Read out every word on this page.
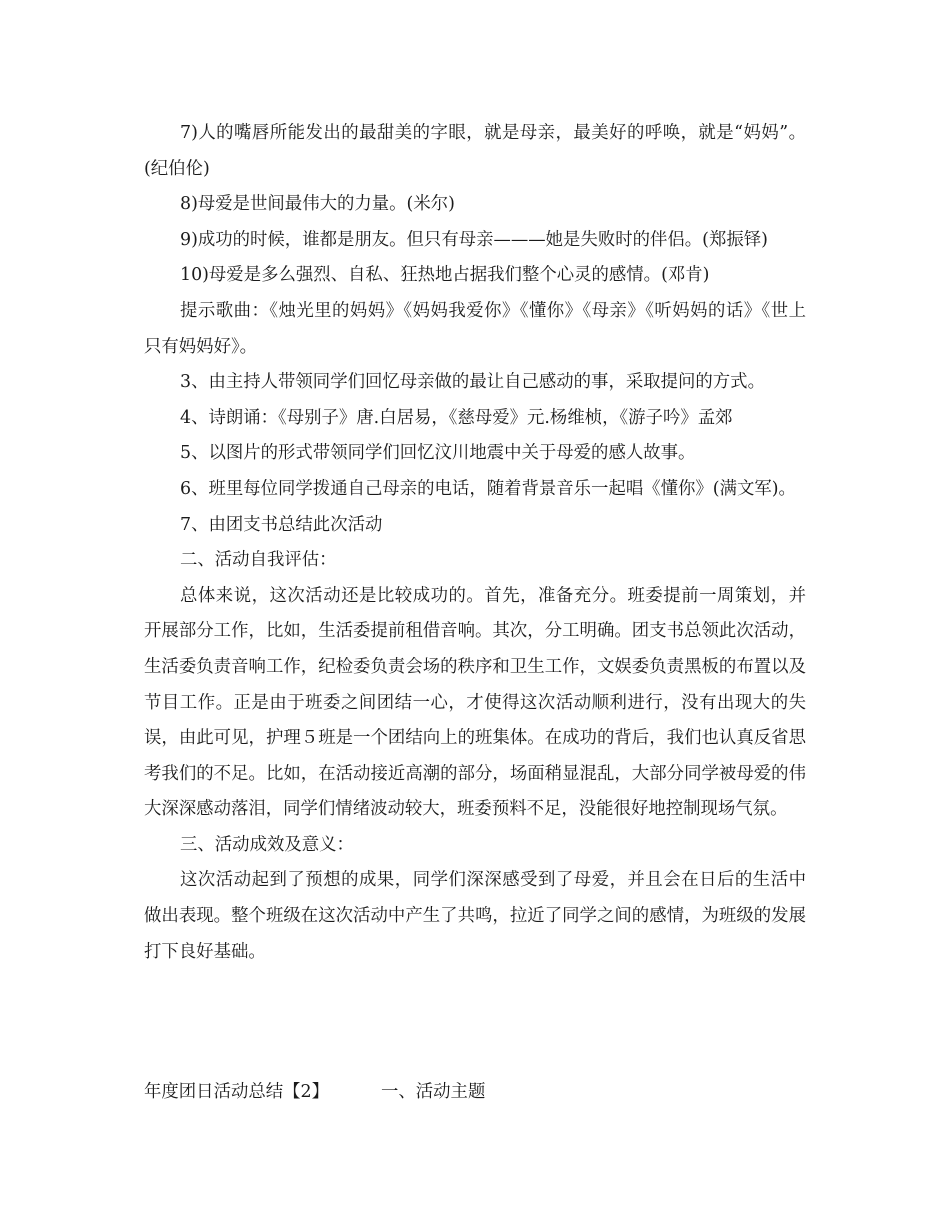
7)人的嘴唇所能发出的最甜美的字眼，就是母亲，最美好的呼唤，就是“妈妈”。(纪伯伦)

8)母爱是世间最伟大的力量。(米尔)

9)成功的时候，谁都是朋友。但只有母亲———她是失败时的伴侣。(郑振铎)

10)母爱是多么强烈、自私、狂热地占据我们整个心灵的感情。(邓肯)

提示歌曲：《烛光里的妈妈》《妈妈我爱你》《懂你》《母亲》《听妈妈的话》《世上只有妈妈好》。

3、由主持人带领同学们回忆母亲做的最让自己感动的事，采取提问的方式。

4、诗朗诵：《母别子》唐.白居易，《慈母爱》元.杨维桢，《游子吟》孟郊

5、以图片的形式带领同学们回忆汶川地震中关于母爱的感人故事。

6、班里每位同学拨通自己母亲的电话，随着背景音乐一起唱《懂你》(满文军)。

7、由团支书总结此次活动

二、活动自我评估：

总体来说，这次活动还是比较成功的。首先，准备充分。班委提前一周策划，并开展部分工作，比如，生活委提前租借音响。其次，分工明确。团支书总领此次活动，生活委负责音响工作，纪检委负责会场的秩序和卫生工作，文娱委负责黑板的布置以及节目工作。正是由于班委之间团结一心，才使得这次活动顺利进行，没有出现大的失误，由此可见，护理５班是一个团结向上的班集体。在成功的背后，我们也认真反省思考我们的不足。比如，在活动接近高潮的部分，场面稍显混乱，大部分同学被母爱的伟大深深感动落泪，同学们情绪波动较大，班委预料不足，没能很好地控制现场气氛。

三、活动成效及意义：

这次活动起到了预想的成果，同学们深深感受到了母爱，并且会在日后的生活中做出表现。整个班级在这次活动中产生了共鸣，拉近了同学之间的感情，为班级的发展打下良好基础。

年度团日活动总结【2】	一、活动主题
